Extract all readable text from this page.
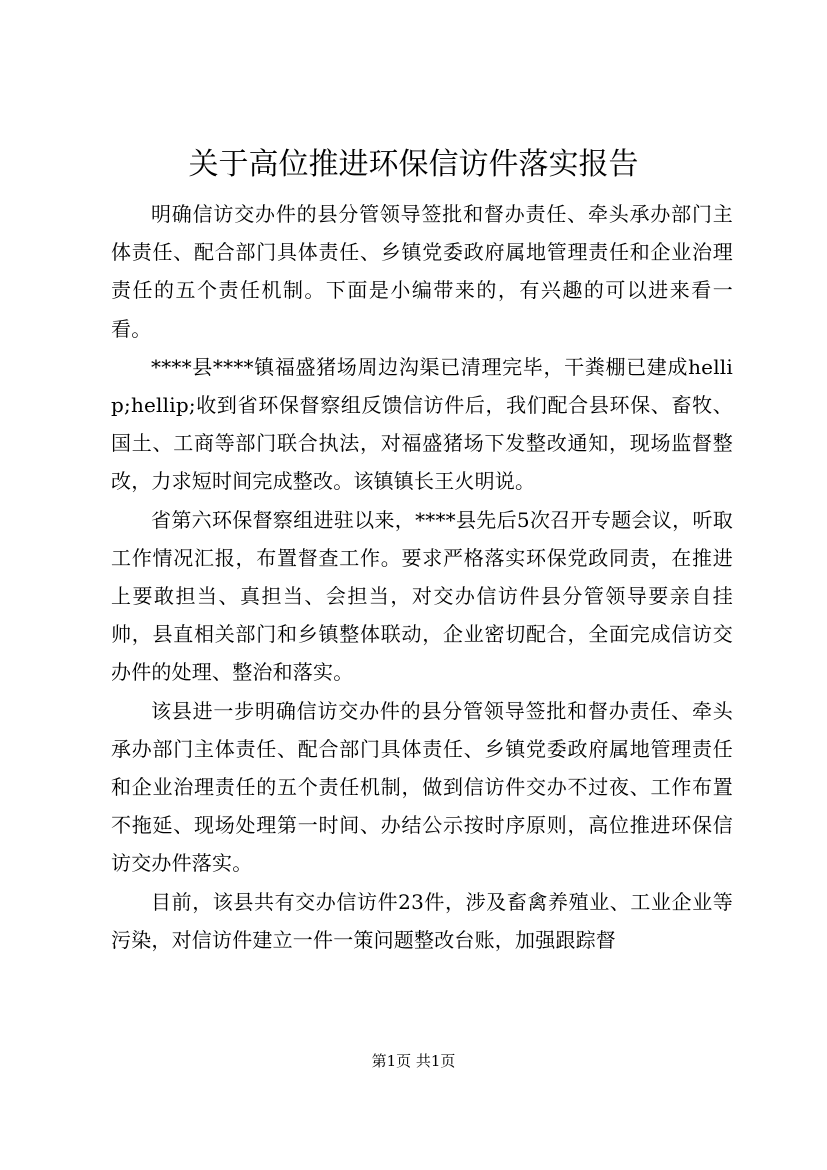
关于高位推进环保信访件落实报告

明确信访交办件的县分管领导签批和督办责任、牵头承办部门主体责任、配合部门具体责任、乡镇党委政府属地管理责任和企业治理责任的五个责任机制。下面是小编带来的，有兴趣的可以进来看一看。

****县****镇福盛猪场周边沟渠已清理完毕，干粪棚已建成hellip;hellip;收到省环保督察组反馈信访件后，我们配合县环保、畜牧、国土、工商等部门联合执法，对福盛猪场下发整改通知，现场监督整改，力求短时间完成整改。该镇镇长王火明说。

省第六环保督察组进驻以来，****县先后5次召开专题会议，听取工作情况汇报，布置督查工作。要求严格落实环保党政同责，在推进上要敢担当、真担当、会担当，对交办信访件县分管领导要亲自挂帅，县直相关部门和乡镇整体联动，企业密切配合，全面完成信访交办件的处理、整治和落实。

该县进一步明确信访交办件的县分管领导签批和督办责任、牵头承办部门主体责任、配合部门具体责任、乡镇党委政府属地管理责任和企业治理责任的五个责任机制，做到信访件交办不过夜、工作布置不拖延、现场处理第一时间、办结公示按时序原则，高位推进环保信访交办件落实。

目前，该县共有交办信访件23件，涉及畜禽养殖业、工业企业等污染，对信访件建立一件一策问题整改台账，加强跟踪督

第1页 共1页
